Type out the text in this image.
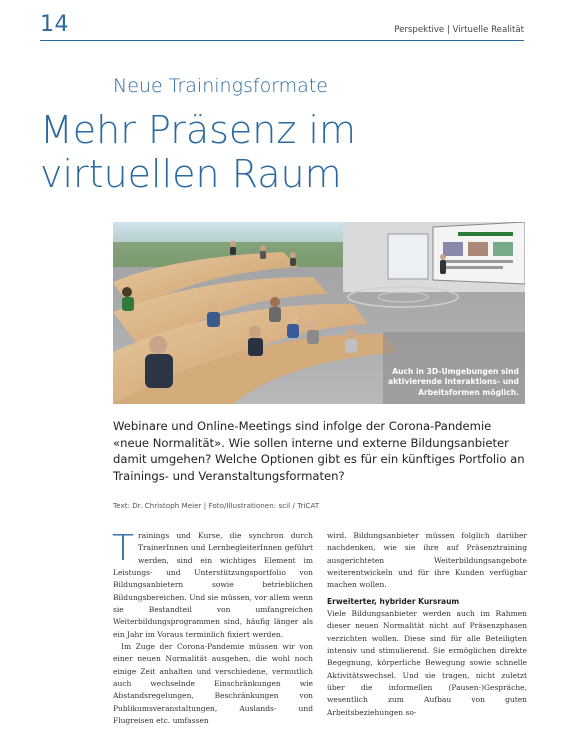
14	Perspektive | Virtuelle Realität
Neue Trainingsformate
Mehr Präsenz im virtuellen Raum
Auch in 3D-Umgebungen sind aktivierende Interaktions- und Arbeitsformen möglich.

Webinare und Online-Meetings sind infolge der Corona-Pandemie «neue Normalität». Wie sollen interne und externe Bildungsanbieter damit umgehen? Welche Optionen gibt es für ein künftiges Portfolio an Trainings- und Veranstaltungsformaten?

Text: Dr. Christoph Meier | Foto/Illustrationen: scil / TriCAT

Trainings und Kurse, die synchron durch TrainerInnen und LernbegleiterInnen geführt werden, sind ein wichtiges Element im Leistungs- und Unterstützungsportfolio von Bildungsanbietern sowie betrieblichen Bildungsbereichen. Und sie müssen, vor allem wenn sie Bestandteil von umfangreichen Weiterbildungsprogrammen sind, häufig länger als ein Jahr im Voraus terminlich fixiert werden.

Im Zuge der Corona-Pandemie müssen wir von einer neuen Normalität ausgehen, die wohl noch einige Zeit anhalten und verschiedene, vermutlich auch wechselnde Einschränkungen wie Abstandsregelungen, Beschränkungen von Publikumsveranstaltungen, Auslands- und Flugreisen etc. umfassen

wird. Bildungsanbieter müssen folglich darüber nachdenken, wie sie ihre auf Präsenztraining ausgerichteten Weiterbildungsangebote weiterentwickeln und für ihre Kunden verfügbar machen wollen.

Erweiterter, hybrider Kursraum

Viele Bildungsanbieter werden auch im Rahmen dieser neuen Normalität nicht auf Präsenzphasen verzichten wollen. Diese sind für alle Beteiligten intensiv und stimulierend. Sie ermöglichen direkte Begegnung, körperliche Bewegung sowie schnelle Aktivitätswechsel. Und sie tragen, nicht zuletzt über die informellen (Pausen-)Gespräche, wesentlich zum Aufbau von guten Arbeitsbeziehungen so-
